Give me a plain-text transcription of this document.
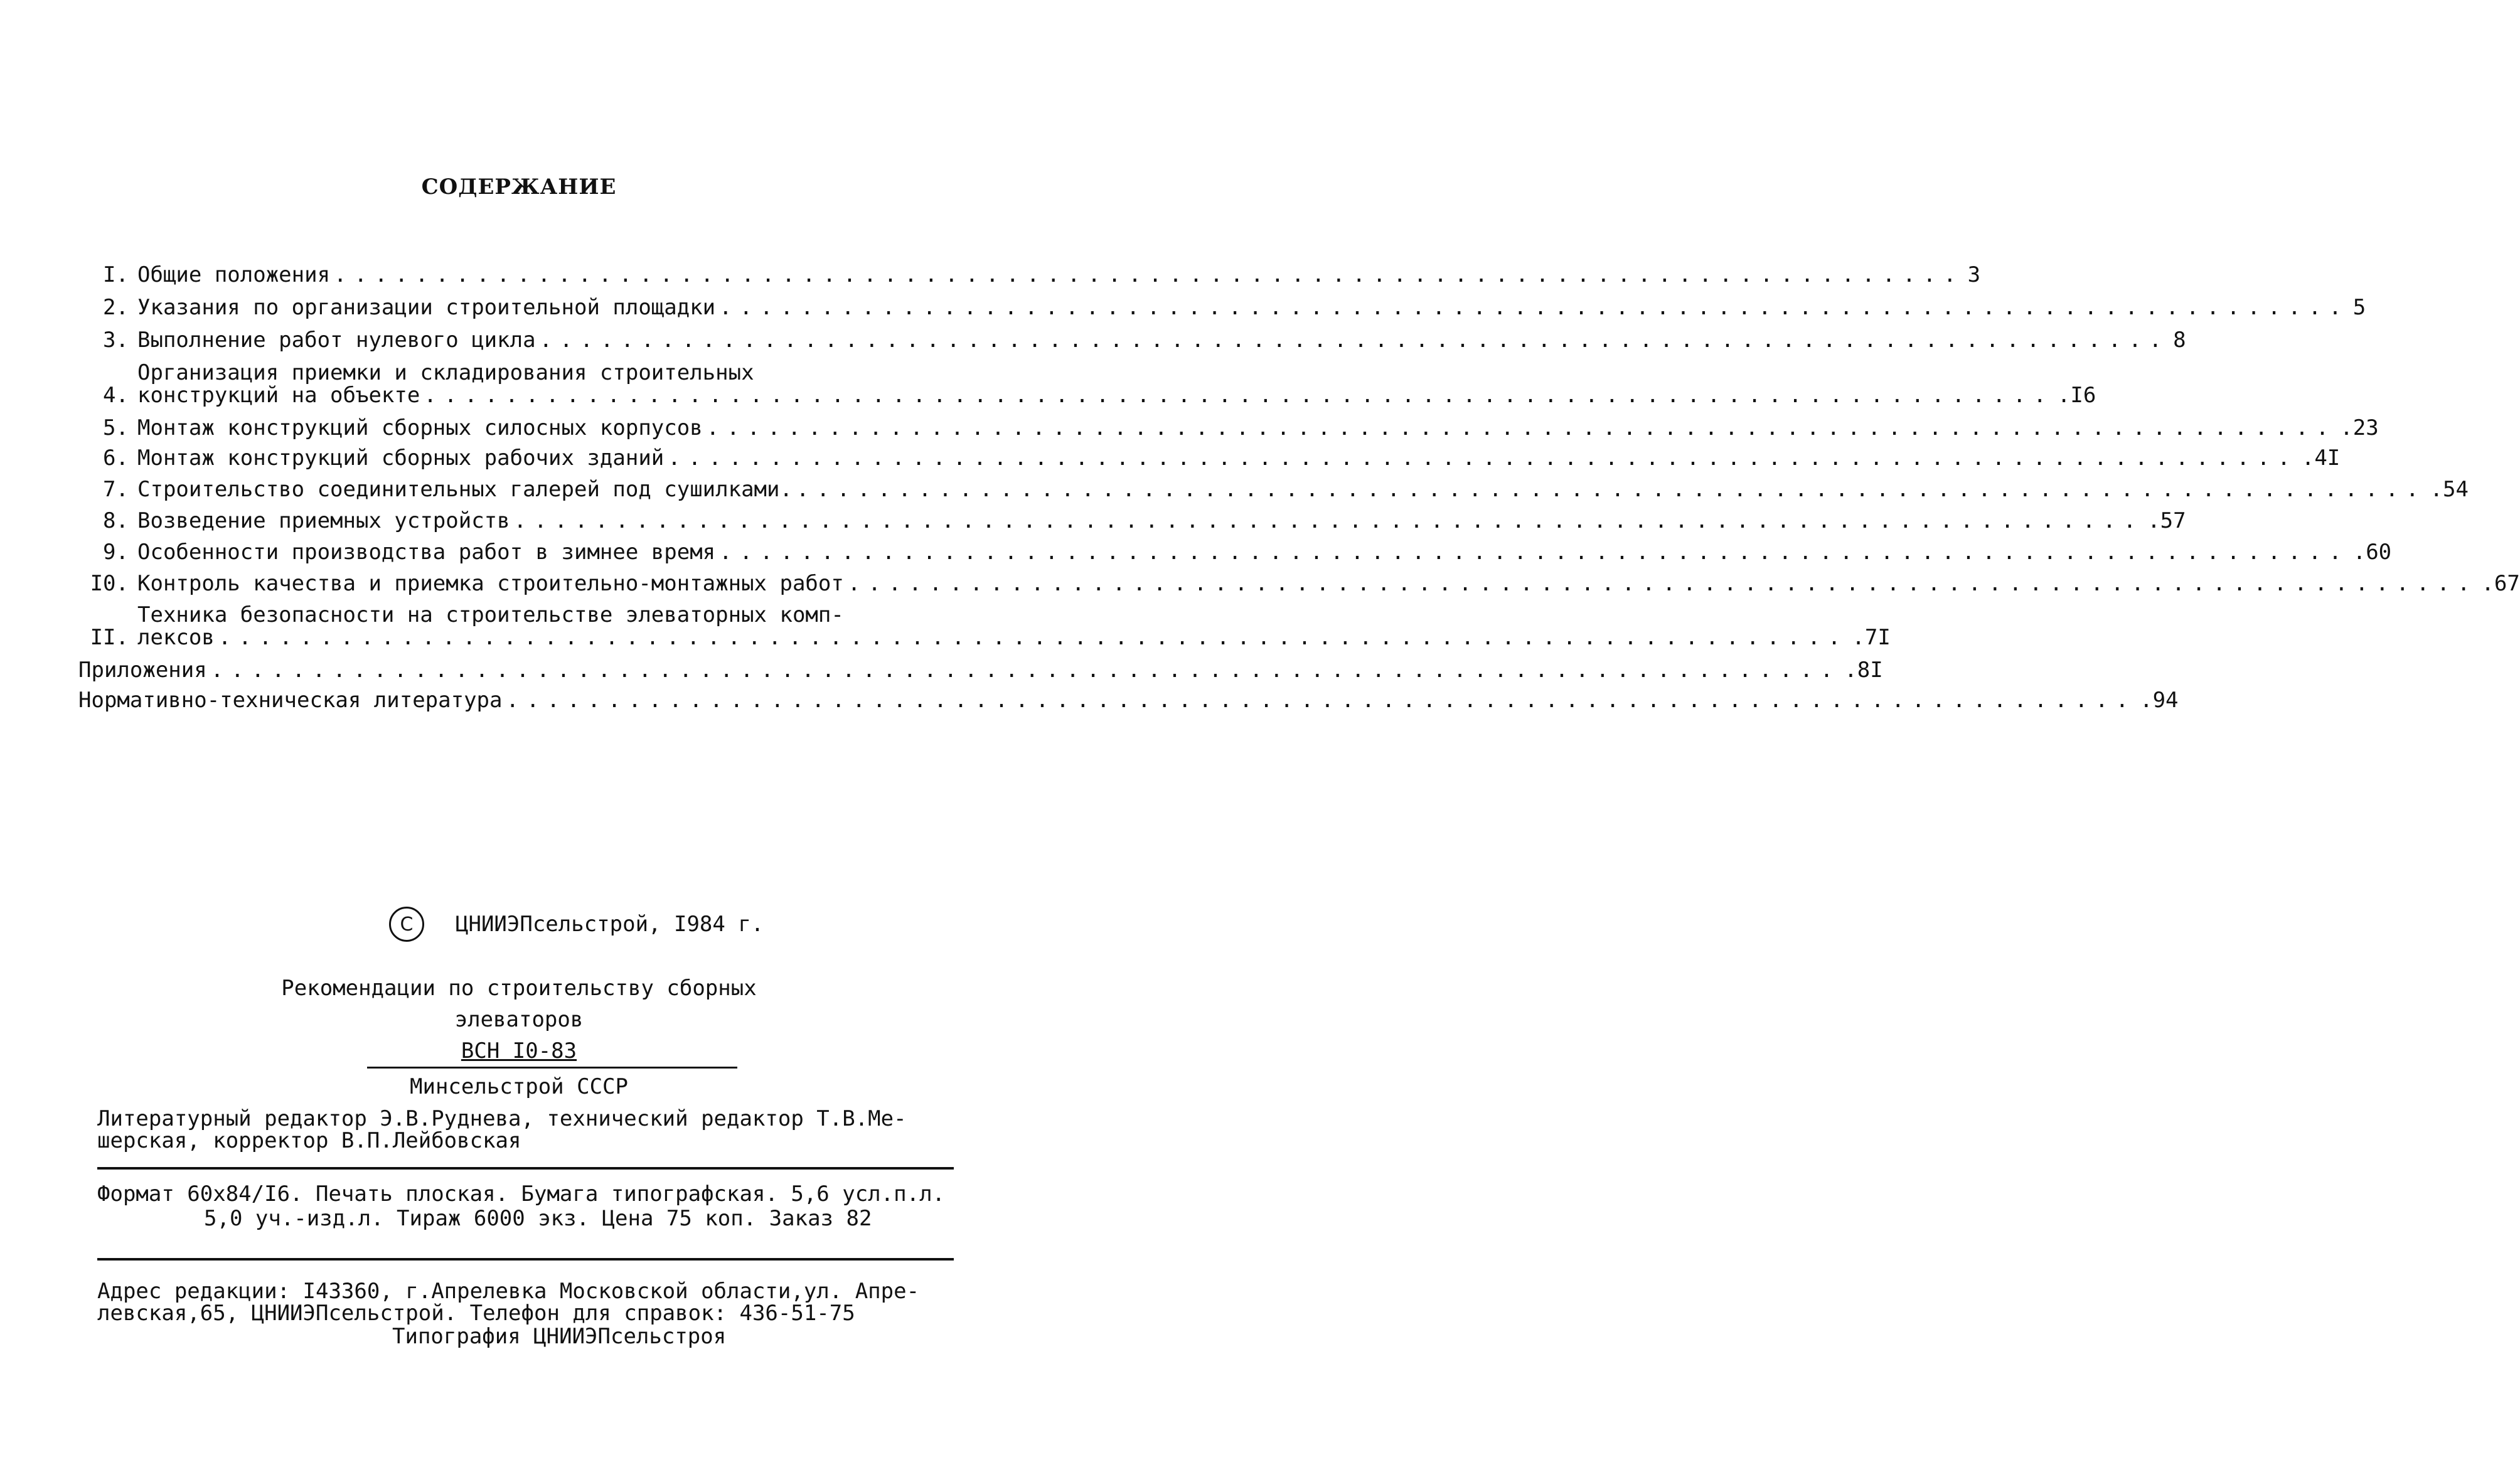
СОДЕРЖАНИЕ
I. Общие положения ................................................................................ 3
2. Указания по организации строительной площадки ................................................................................ 5
3. Выполнение работ нулевого цикла ................................................................................ 8
4.
Организация приемки и складирования строительных
конструкций на объекте ................................................................................ .I6
5. Монтаж конструкций сборных силосных корпусов ................................................................................ .23
6. Монтаж конструкций сборных рабочих зданий ................................................................................ .4I
7. Строительство соединительных галерей под сушилками. ................................................................................ .54
8. Возведение приемных устройств ................................................................................ .57
9. Особенности производства работ в зимнее время ................................................................................ .60
I0. Контроль качества и приемка строительно-монтажных работ ................................................................................ .67
II.
Техника безопасности на строительстве элеваторных комп-
лексов ................................................................................ .7I
Приложения ................................................................................ .8I
Нормативно-техническая литература ................................................................................ .94
C	ЦНИИЭПсельстрой, I984 г.
Рекомендации по строительству сборных
элеваторов
ВСН I0-83
Минсельстрой СССР
Литературный редактор Э.В.Руднева, технический редактор Т.В.Ме-
шерская, корректор В.П.Лейбовская
Формат 60х84/I6. Печать плоская. Бумага типографская. 5,6 усл.п.л.
5,0 уч.-изд.л. Тираж 6000 экз. Цена 75 коп. Заказ 82
Адрес редакции: I43360, г.Апрелевка Московской области,ул. Апре-
левская,65, ЦНИИЭПсельстрой. Телефон для справок: 436-51-75
Типография ЦНИИЭПсельстроя
